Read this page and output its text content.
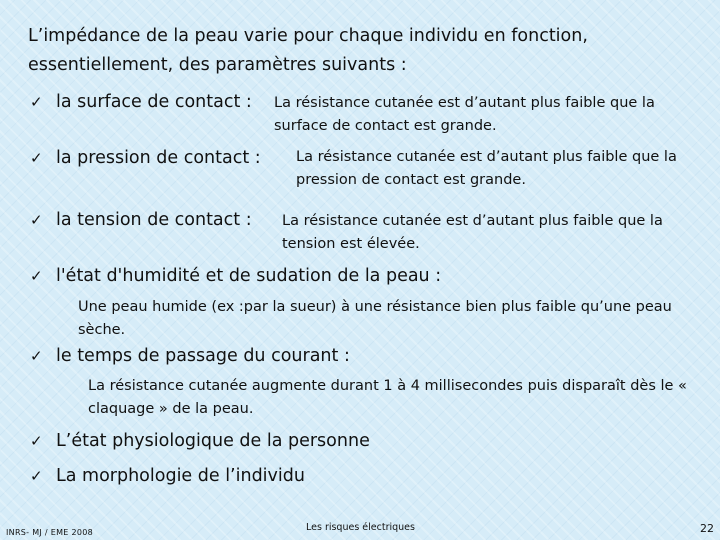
L’impédance de la peau varie pour chaque individu en fonction, essentiellement, des paramètres suivants :
✓ la surface de contact : La résistance cutanée est d’autant plus faible que la surface de contact est grande.
✓ la pression de contact : La résistance cutanée est d’autant plus faible que la pression de contact est grande.
✓ la tension de contact : La résistance cutanée est d’autant plus faible que la tension est élevée.
✓ l'état d'humidité et de sudation de la peau :
Une peau humide (ex :par la sueur) à une résistance bien plus faible qu’une peau sèche.
✓ le temps de passage du courant :
La résistance cutanée augmente durant 1 à 4 millisecondes puis disparaît dès le « claquage » de la peau.
✓ L’état physiologique de la personne
✓ La morphologie de l’individu
INRS- MJ / EME 2008	Les risques électriques	22
